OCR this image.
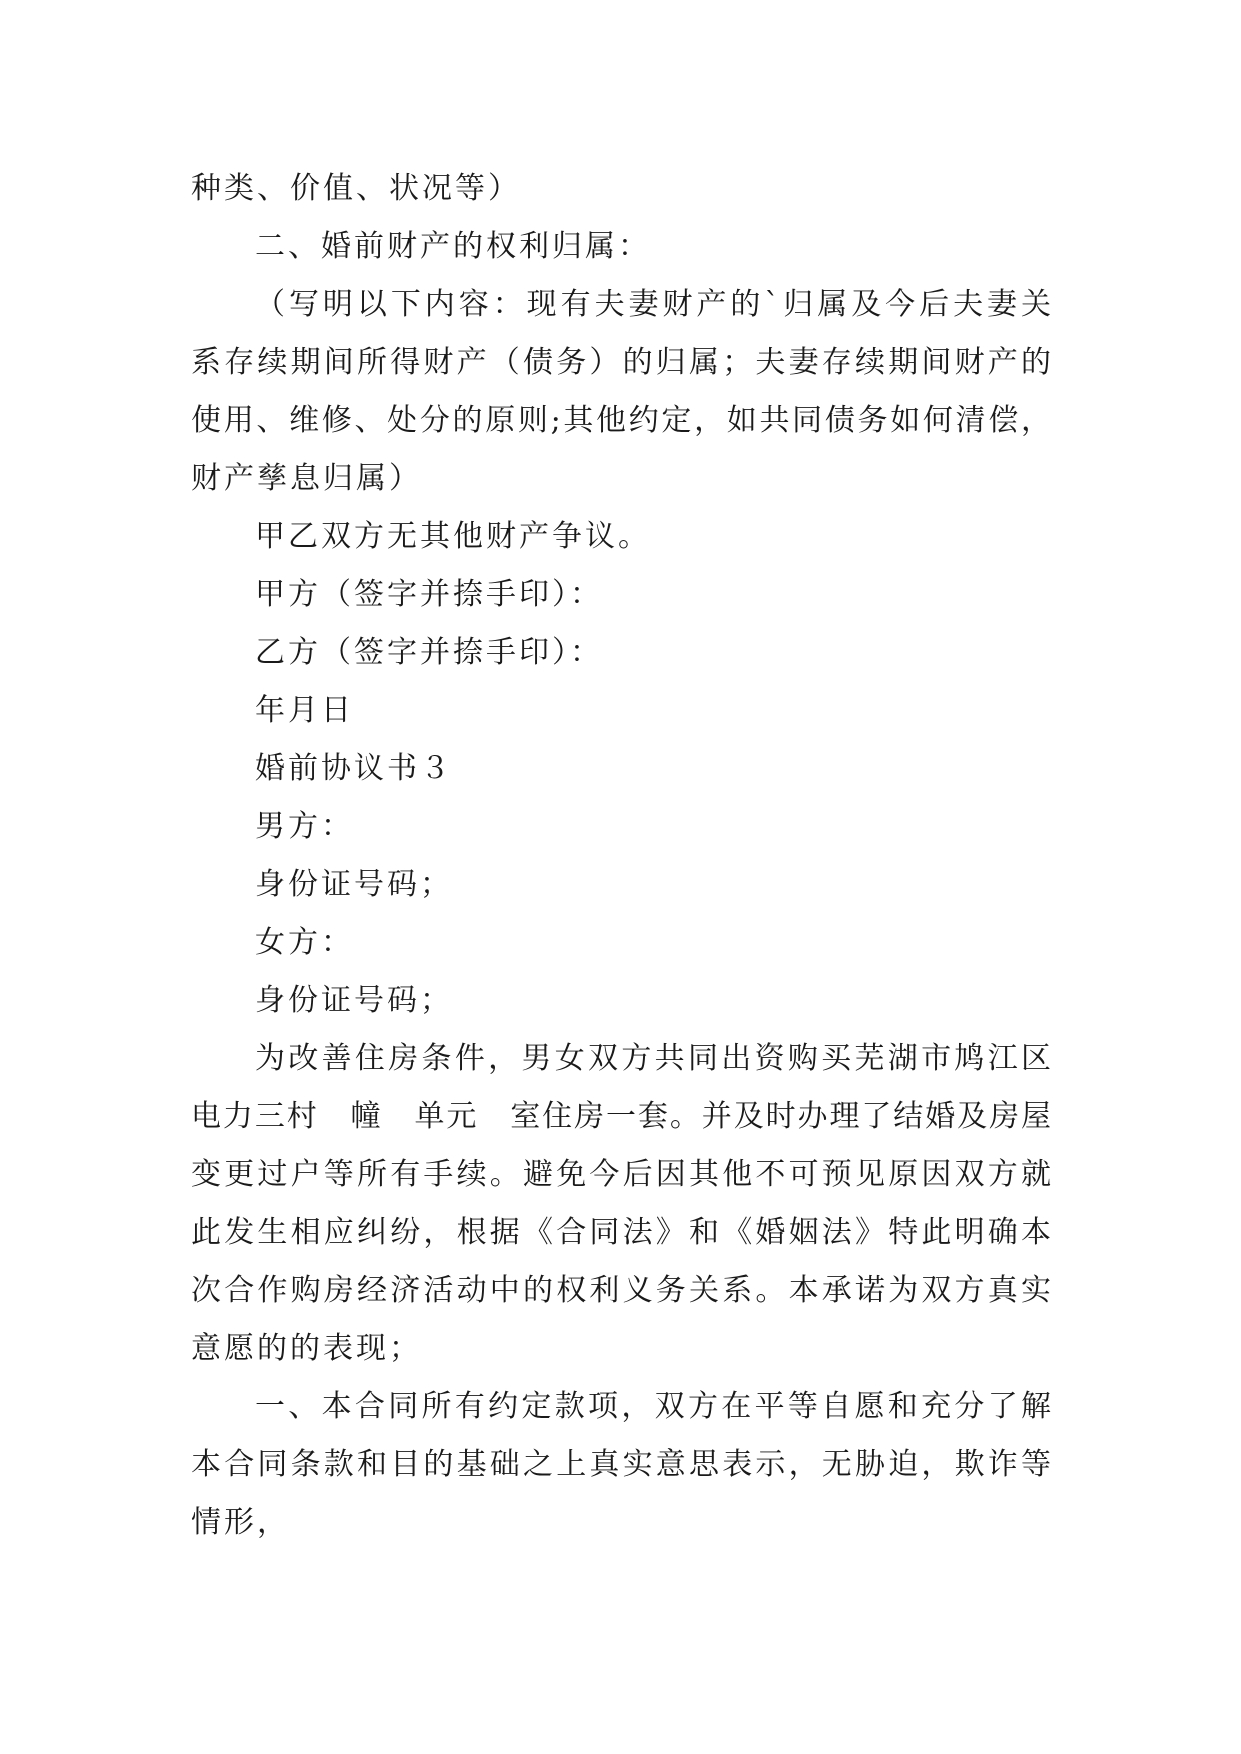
种类、价值、状况等）
二、婚前财产的权利归属：
（写明以下内容：现有夫妻财产的`归属及今后夫妻关
系存续期间所得财产（债务）的归属；夫妻存续期间财产的
使用、维修、处分的原则;其他约定，如共同债务如何清偿，
财产孳息归属）
甲乙双方无其他财产争议。
甲方（签字并捺手印）：
乙方（签字并捺手印）：
年月日
婚前协议书３
男方：
身份证号码；
女方：
身份证号码；
为改善住房条件，男女双方共同出资购买芜湖市鸠江区
电力三村　幢　单元　室住房一套。并及时办理了结婚及房屋
变更过户等所有手续。避免今后因其他不可预见原因双方就
此发生相应纠纷，根据《合同法》和《婚姻法》特此明确本
次合作购房经济活动中的权利义务关系。本承诺为双方真实
意愿的的表现；
一、本合同所有约定款项，双方在平等自愿和充分了解
本合同条款和目的基础之上真实意思表示，无胁迫，欺诈等
情形，
